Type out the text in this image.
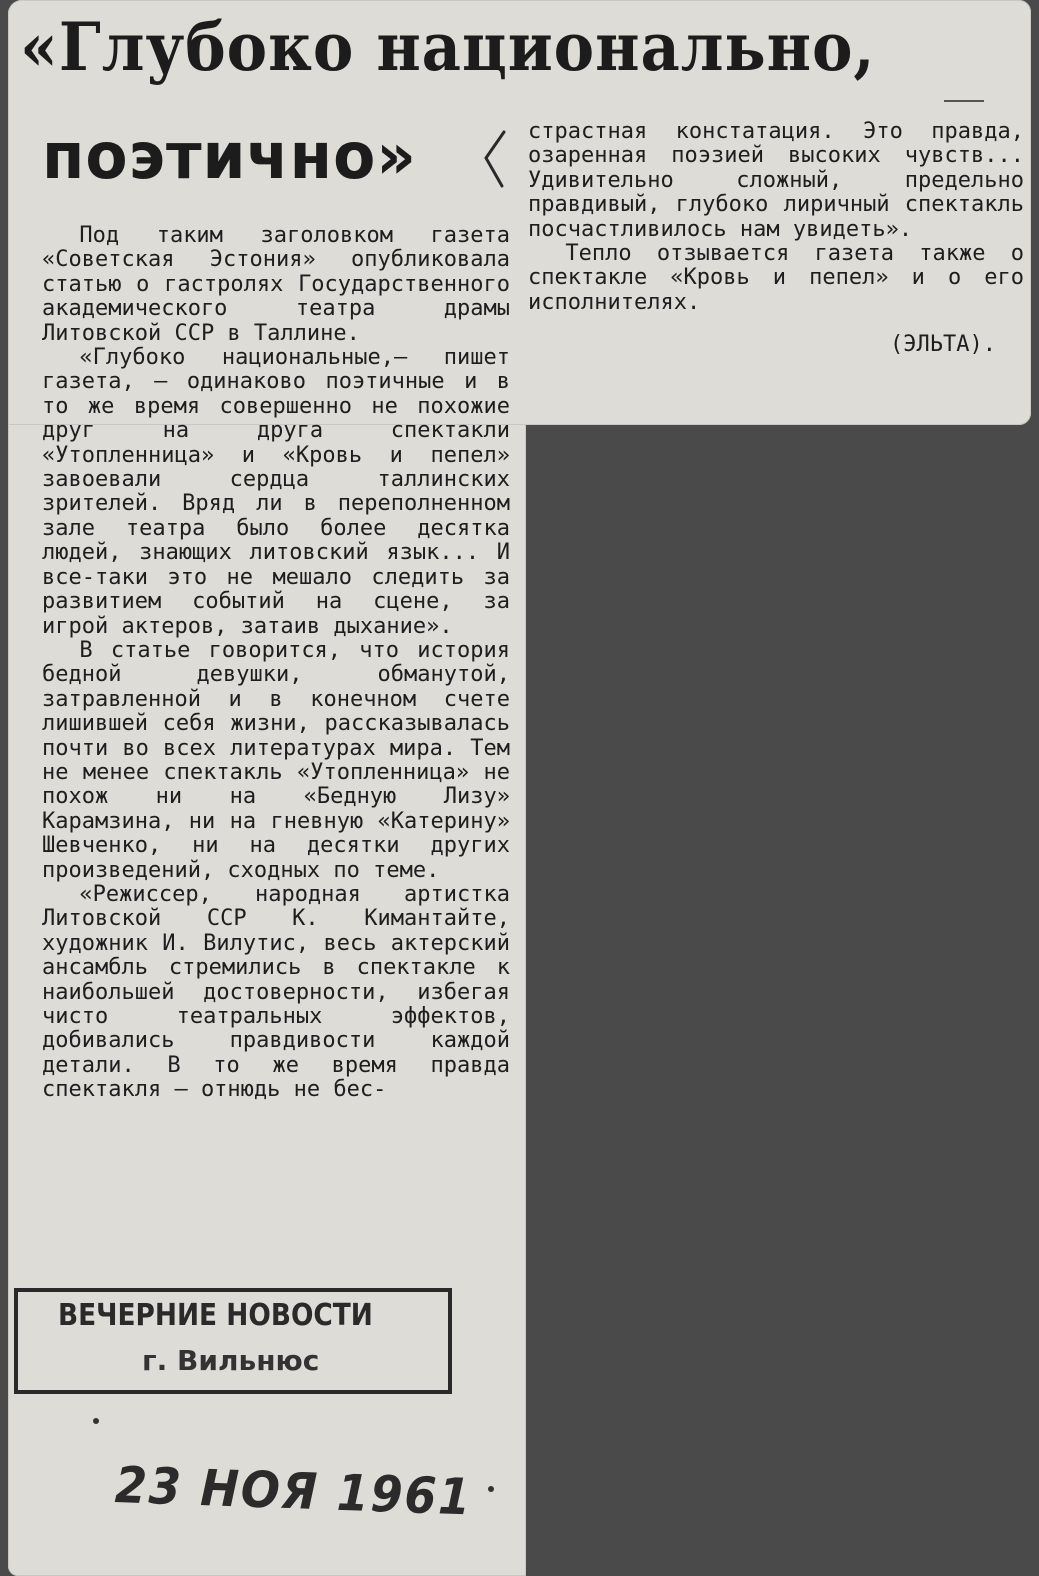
«Глубоко национально,
поэтично»

Под таким заголовком газета «Советская Эстония» опубликовала статью о гастролях Государственного академического театра драмы Литовской ССР в Таллине.

«Глубоко национальные,— пишет газета, — одинаково поэтичные и в то же время совершенно не похожие друг на друга спектакли «Утопленница» и «Кровь и пепел» завоевали сердца таллинских зрителей. Вряд ли в переполненном зале театра было более десятка людей, знающих литовский язык... И все-таки это не мешало следить за развитием событий на сцене, за игрой актеров, затаив дыхание».

В статье говорится, что история бедной девушки, обманутой, затравленной и в конечном счете лишившей себя жизни, рассказывалась почти во всех литературах мира. Тем не менее спектакль «Утопленница» не похож ни на «Бедную Лизу» Карамзина, ни на гневную «Катерину» Шевченко, ни на десятки других произведений, сходных по теме.

«Режиссер, народная артистка Литовской ССР К. Кимантайте, художник И. Вилутис, весь актерский ансамбль стремились в спектакле к наибольшей достоверности, избегая чисто театральных эффектов, добивались правдивости каждой детали. В то же время правда спектакля — отнюдь не бес-

страстная констатация. Это правда, озаренная поэзией высоких чувств... Удивительно сложный, предельно правдивый, глубоко лиричный спектакль посчастливилось нам увидеть».

Тепло отзывается газета также о спектакле «Кровь и пепел» и о его исполнителях.

(ЭЛЬТА).

ВЕЧЕРНИЕ НОВОСТИ
г. Вильнюс
23 НОЯ 1961
